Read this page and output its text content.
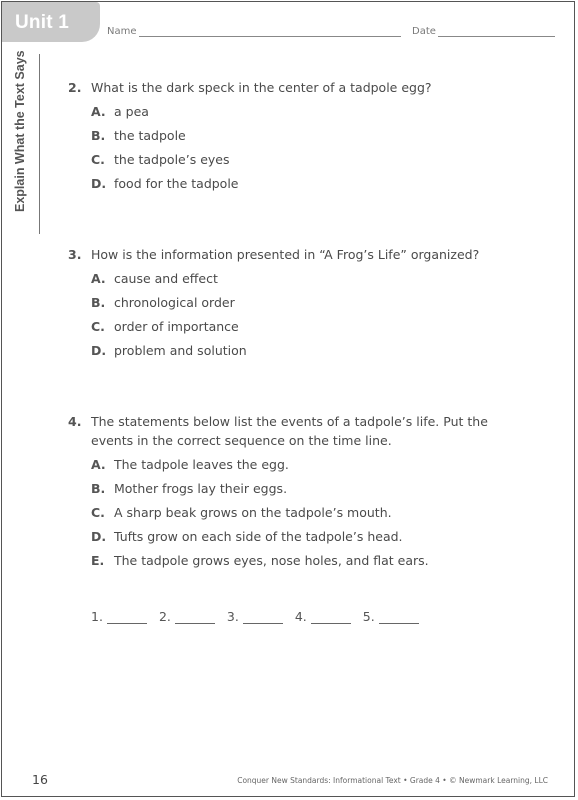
Unit 1	Name	Date
Explain What the Text Says	2. What is the dark speck in the center of a tadpole egg?
A. a pea
B. the tadpole
C. the tadpole’s eyes
D. food for the tadpole
3. How is the information presented in “A Frog’s Life” organized?
A. cause and effect
B. chronological order
C. order of importance
D. problem and solution
4. The statements below list the events of a tadpole’s life. Put the events in the correct sequence on the time line.
A. The tadpole leaves the egg.
B. Mother frogs lay their eggs.
C. A sharp beak grows on the tadpole’s mouth.
D. Tufts grow on each side of the tadpole’s head.
E. The tadpole grows eyes, nose holes, and flat ears.
1.	2.	3.	4.	5.
16	Conquer New Standards: Informational Text • Grade 4 • © Newmark Learning, LLC
